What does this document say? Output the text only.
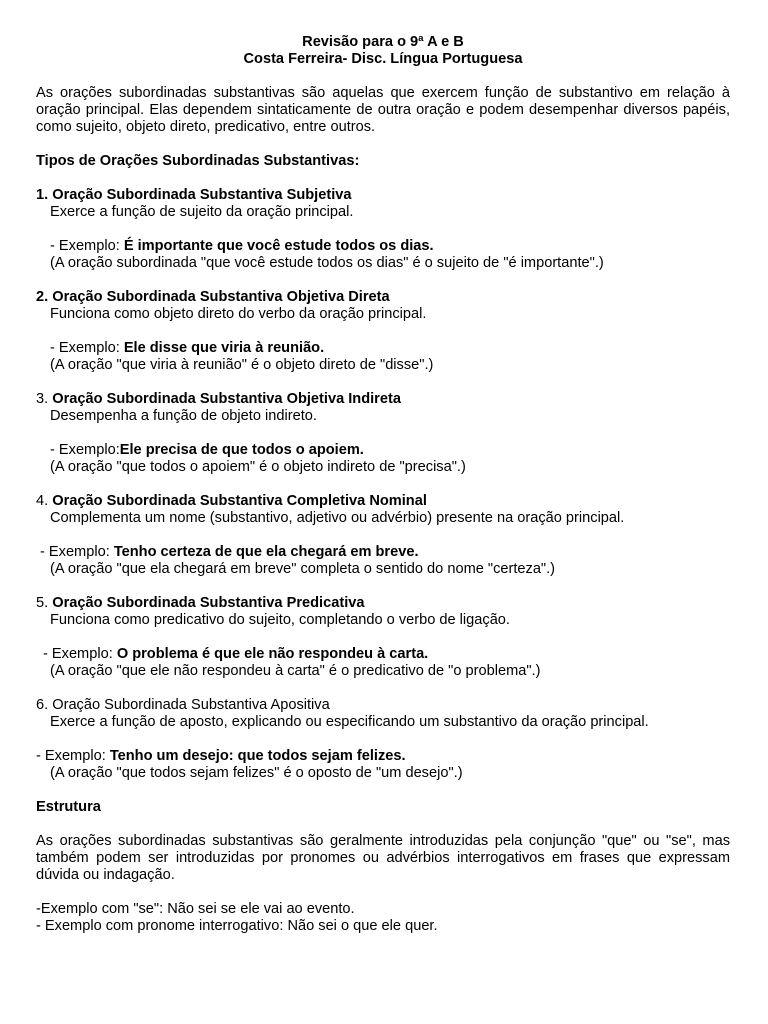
Revisão para o 9ª A e B
Costa Ferreira- Disc. Língua Portuguesa

As orações subordinadas substantivas são aquelas que exercem função de substantivo em relação à oração principal. Elas dependem sintaticamente de outra oração e podem desempenhar diversos papéis, como sujeito, objeto direto, predicativo, entre outros.

Tipos de Orações Subordinadas Substantivas:
1. Oração Subordinada Substantiva Subjetiva
Exerce a função de sujeito da oração principal.
- Exemplo: É importante que você estude todos os dias.
(A oração subordinada "que você estude todos os dias" é o sujeito de "é importante".)
2. Oração Subordinada Substantiva Objetiva Direta
Funciona como objeto direto do verbo da oração principal.
- Exemplo: Ele disse que viria à reunião.
(A oração "que viria à reunião" é o objeto direto de "disse".)
3. Oração Subordinada Substantiva Objetiva Indireta
Desempenha a função de objeto indireto.
- Exemplo:Ele precisa de que todos o apoiem.
(A oração "que todos o apoiem" é o objeto indireto de "precisa".)
4. Oração Subordinada Substantiva Completiva Nominal
Complementa um nome (substantivo, adjetivo ou advérbio) presente na oração principal.
- Exemplo: Tenho certeza de que ela chegará em breve.
(A oração "que ela chegará em breve" completa o sentido do nome "certeza".)
5. Oração Subordinada Substantiva Predicativa
Funciona como predicativo do sujeito, completando o verbo de ligação.
- Exemplo: O problema é que ele não respondeu à carta.
(A oração "que ele não respondeu à carta" é o predicativo de "o problema".)
6. Oração Subordinada Substantiva Apositiva
Exerce a função de aposto, explicando ou especificando um substantivo da oração principal.
- Exemplo: Tenho um desejo: que todos sejam felizes.
(A oração "que todos sejam felizes" é o oposto de "um desejo".)
Estrutura

As orações subordinadas substantivas são geralmente introduzidas pela conjunção "que" ou "se", mas também podem ser introduzidas por pronomes ou advérbios interrogativos em frases que expressam dúvida ou indagação.

-Exemplo com "se": Não sei se ele vai ao evento.
- Exemplo com pronome interrogativo: Não sei o que ele quer.
